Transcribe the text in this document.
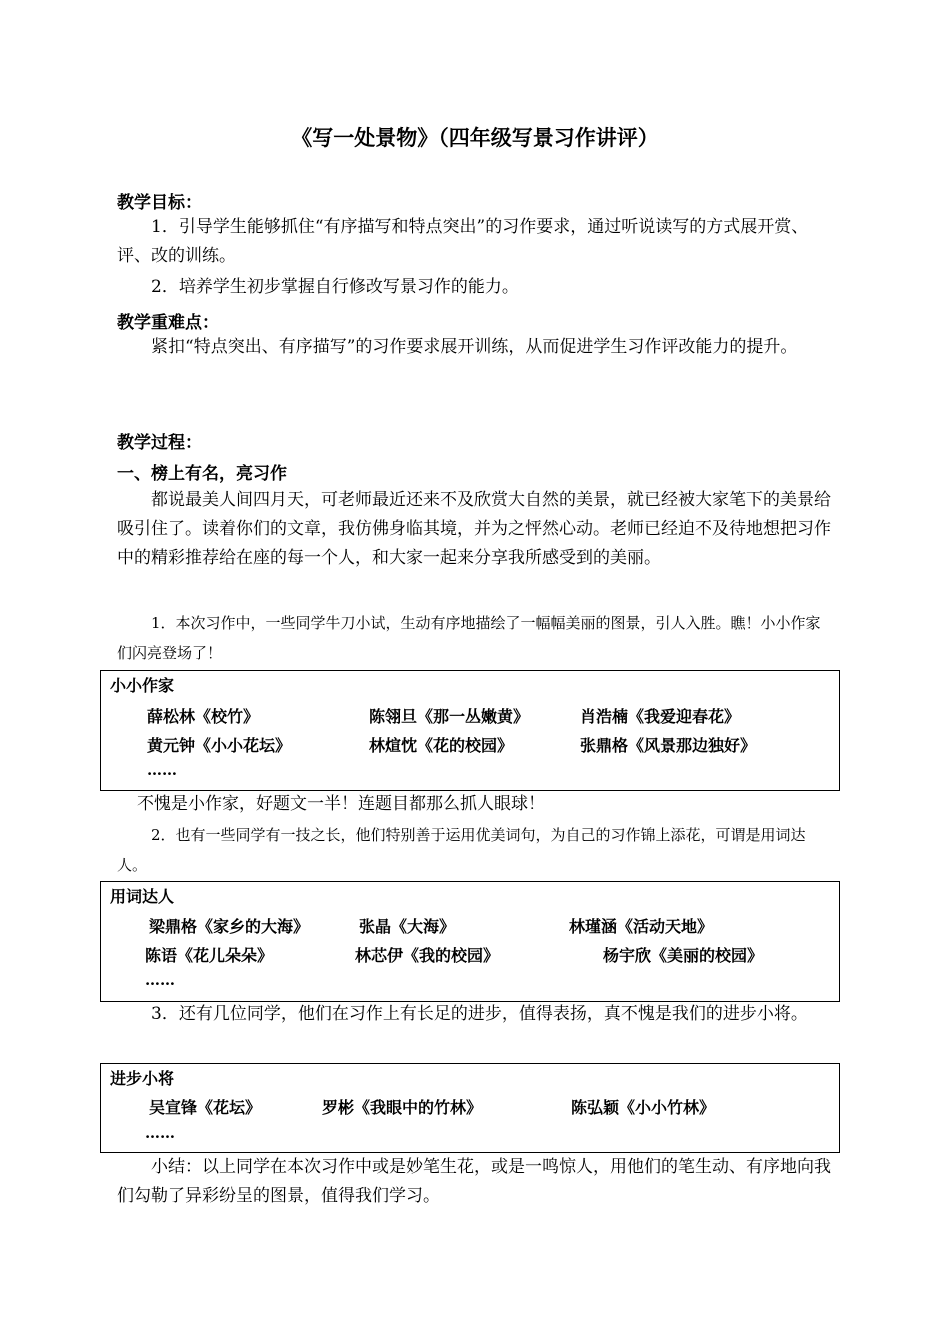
《写一处景物》（四年级写景习作讲评）
教学目标：
1．引导学生能够抓住“有序描写和特点突出”的习作要求，通过听说读写的方式展开赏、评、改的训练。
2．培养学生初步掌握自行修改写景习作的能力。
教学重难点：
紧扣“特点突出、有序描写”的习作要求展开训练，从而促进学生习作评改能力的提升。
教学过程：
一、榜上有名，亮习作
都说最美人间四月天，可老师最近还来不及欣赏大自然的美景，就已经被大家笔下的美景给吸引住了。读着你们的文章，我仿佛身临其境，并为之怦然心动。老师已经迫不及待地想把习作中的精彩推荐给在座的每一个人，和大家一起来分享我所感受到的美丽。
1．本次习作中，一些同学牛刀小试，生动有序地描绘了一幅幅美丽的图景，引人入胜。瞧！小小作家们闪亮登场了！
小小作家
薛松林《校竹》	陈翎旦《那一丛嫩黄》	肖浩楠《我爱迎春花》
黄元钟《小小花坛》	林煊忱《花的校园》	张鼎格《风景那边独好》
……
不愧是小作家，好题文一半！连题目都那么抓人眼球！
2．也有一些同学有一技之长，他们特别善于运用优美词句，为自己的习作锦上添花，可谓是用词达人。
用词达人
梁鼎格《家乡的大海》	张晶《大海》	林瑾涵《活动天地》
陈语《花儿朵朵》	林芯伊《我的校园》	杨宇欣《美丽的校园》
……
3．还有几位同学，他们在习作上有长足的进步，值得表扬，真不愧是我们的进步小将。
进步小将
吴宣锋《花坛》	罗彬《我眼中的竹林》	陈弘颖《小小竹林》
……
小结：以上同学在本次习作中或是妙笔生花，或是一鸣惊人，用他们的笔生动、有序地向我们勾勒了异彩纷呈的图景，值得我们学习。
